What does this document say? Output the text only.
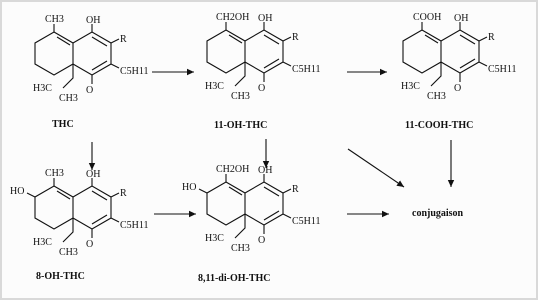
CH3 OH
R
O
H3C
CH3
C5H11
THC
CH2OH OH
R
O
H3C
CH3
C5H11
11-OH-THC
COOH OH
R
O
H3C
CH3
C5H11
11-COOH-THC
CH3
HO
OH
R
O
H3C
CH3
C5H11
8-OH-THC
CH2OH
HO
OH
R
O
H3C
CH3
C5H11
8,11-di-OH-THC
conjugaison
